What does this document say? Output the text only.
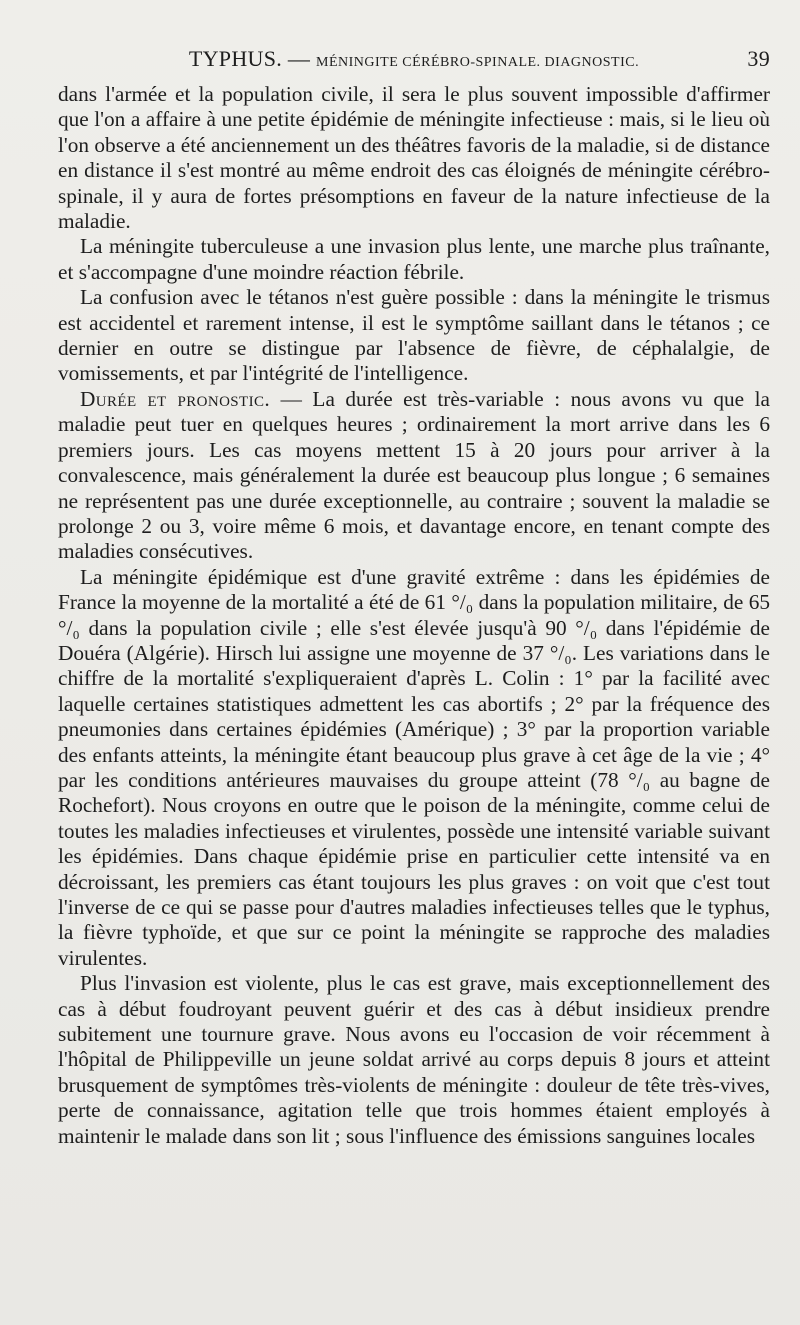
TYPHUS. — MÉNINGITE CÉRÉBRO-SPINALE. DIAGNOSTIC.	39

dans l'armée et la population civile, il sera le plus souvent impossible d'affirmer que l'on a affaire à une petite épidémie de méningite infectieuse : mais, si le lieu où l'on observe a été anciennement un des théâtres favoris de la maladie, si de distance en distance il s'est montré au même endroit des cas éloignés de méningite cérébro-spinale, il y aura de fortes présomptions en faveur de la nature infectieuse de la maladie.

La méningite tuberculeuse a une invasion plus lente, une marche plus traînante, et s'accompagne d'une moindre réaction fébrile.

La confusion avec le tétanos n'est guère possible : dans la méningite le trismus est accidentel et rarement intense, il est le symptôme saillant dans le tétanos ; ce dernier en outre se distingue par l'absence de fièvre, de céphalalgie, de vomissements, et par l'intégrité de l'intelligence.

Durée et pronostic. — La durée est très-variable : nous avons vu que la maladie peut tuer en quelques heures ; ordinairement la mort arrive dans les 6 premiers jours. Les cas moyens mettent 15 à 20 jours pour arriver à la convalescence, mais généralement la durée est beaucoup plus longue ; 6 semaines ne représentent pas une durée exceptionnelle, au contraire ; souvent la maladie se prolonge 2 ou 3, voire même 6 mois, et davantage encore, en tenant compte des maladies consécutives.

La méningite épidémique est d'une gravité extrême : dans les épidémies de France la moyenne de la mortalité a été de 61 °/₀ dans la population militaire, de 65 °/₀ dans la population civile ; elle s'est élevée jusqu'à 90 °/₀ dans l'épidémie de Douéra (Algérie). Hirsch lui assigne une moyenne de 37 °/₀. Les variations dans le chiffre de la mortalité s'expliqueraient d'après L. Colin : 1° par la facilité avec laquelle certaines statistiques admettent les cas abortifs ; 2° par la fréquence des pneumonies dans certaines épidémies (Amérique) ; 3° par la proportion variable des enfants atteints, la méningite étant beaucoup plus grave à cet âge de la vie ; 4° par les conditions antérieures mauvaises du groupe atteint (78 °/₀ au bagne de Rochefort). Nous croyons en outre que le poison de la méningite, comme celui de toutes les maladies infectieuses et virulentes, possède une intensité variable suivant les épidémies. Dans chaque épidémie prise en particulier cette intensité va en décroissant, les premiers cas étant toujours les plus graves : on voit que c'est tout l'inverse de ce qui se passe pour d'autres maladies infectieuses telles que le typhus, la fièvre typhoïde, et que sur ce point la méningite se rapproche des maladies virulentes.

Plus l'invasion est violente, plus le cas est grave, mais exceptionnellement des cas à début foudroyant peuvent guérir et des cas à début insidieux prendre subitement une tournure grave. Nous avons eu l'occasion de voir récemment à l'hôpital de Philippeville un jeune soldat arrivé au corps depuis 8 jours et atteint brusquement de symptômes très-violents de méningite : douleur de tête très-vives, perte de connaissance, agitation telle que trois hommes étaient employés à maintenir le malade dans son lit ; sous l'influence des émissions sanguines locales
